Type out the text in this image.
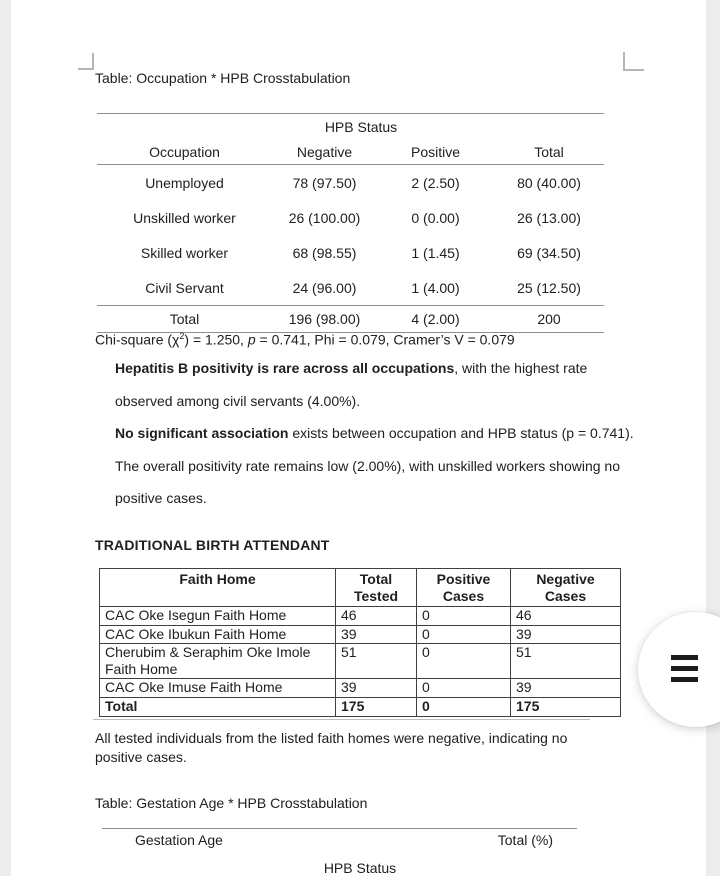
Table: Occupation * HPB Crosstabulation
HPB Status
Occupation	Negative	Positive	Total
Unemployed	78 (97.50)	2 (2.50)	80 (40.00)
Unskilled worker	26 (100.00)	0 (0.00)	26 (13.00)
Skilled worker	68 (98.55)	1 (1.45)	69 (34.50)
Civil Servant	24 (96.00)	1 (4.00)	25 (12.50)
Total	196 (98.00)	4 (2.00)	200
Chi-square $(\chi^2) = 1.250$, p = 0.741, Phi = 0.079, Cramer’s V = 0.079
Hepatitis B positivity is rare across all occupations, with the highest rate
observed among civil servants (4.00%).
No significant association exists between occupation and HPB status (p = 0.741).
The overall positivity rate remains low (2.00%), with unskilled workers showing no
positive cases.
TRADITIONAL BIRTH ATTENDANT
Faith Home	Total Tested	Positive Cases	Negative Cases
CAC Oke Isegun Faith Home	46	0	46
CAC Oke Ibukun Faith Home	39	0	39
Cherubim & Seraphim Oke Imole Faith Home	51	0	51
CAC Oke Imuse Faith Home	39	0	39
Total	175	0	175
All tested individuals from the listed faith homes were negative, indicating no
positive cases.
Table: Gestation Age * HPB Crosstabulation
Gestation Age	Total (%)
HPB Status
